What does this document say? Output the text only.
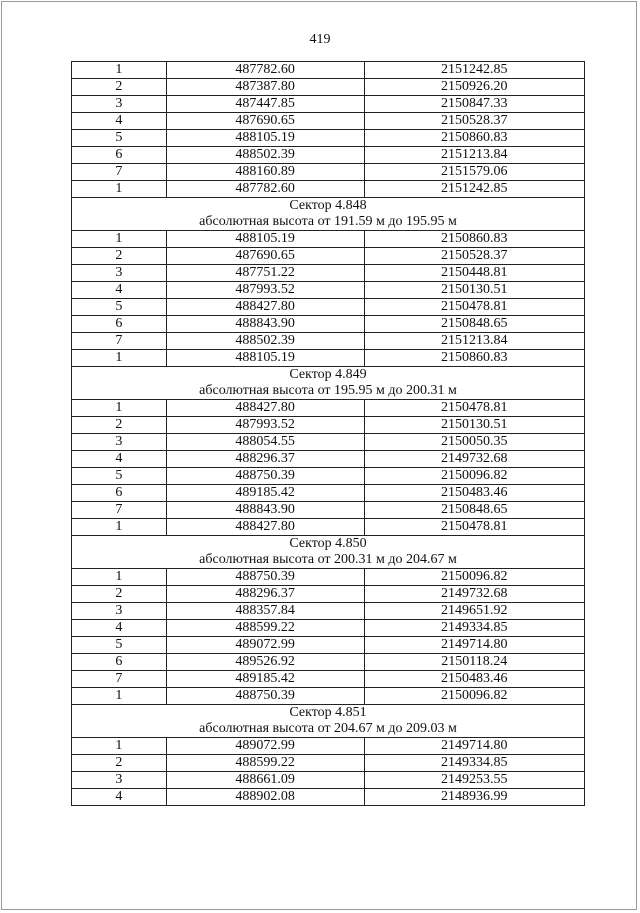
419
1	487782.60	2151242.85
2	487387.80	2150926.20
3	487447.85	2150847.33
4	487690.65	2150528.37
5	488105.19	2150860.83
6	488502.39	2151213.84
7	488160.89	2151579.06
1	487782.60	2151242.85
Сектор 4.848		
абсолютная высота от 191.59 м до 195.95 м		
1	488105.19	2150860.83
2	487690.65	2150528.37
3	487751.22	2150448.81
4	487993.52	2150130.51
5	488427.80	2150478.81
6	488843.90	2150848.65
7	488502.39	2151213.84
1	488105.19	2150860.83
Сектор 4.849		
абсолютная высота от 195.95 м до 200.31 м		
1	488427.80	2150478.81
2	487993.52	2150130.51
3	488054.55	2150050.35
4	488296.37	2149732.68
5	488750.39	2150096.82
6	489185.42	2150483.46
7	488843.90	2150848.65
1	488427.80	2150478.81
Сектор 4.850		
абсолютная высота от 200.31 м до 204.67 м		
1	488750.39	2150096.82
2	488296.37	2149732.68
3	488357.84	2149651.92
4	488599.22	2149334.85
5	489072.99	2149714.80
6	489526.92	2150118.24
7	489185.42	2150483.46
1	488750.39	2150096.82
Сектор 4.851		
абсолютная высота от 204.67 м до 209.03 м		
1	489072.99	2149714.80
2	488599.22	2149334.85
3	488661.09	2149253.55
4	488902.08	2148936.99
